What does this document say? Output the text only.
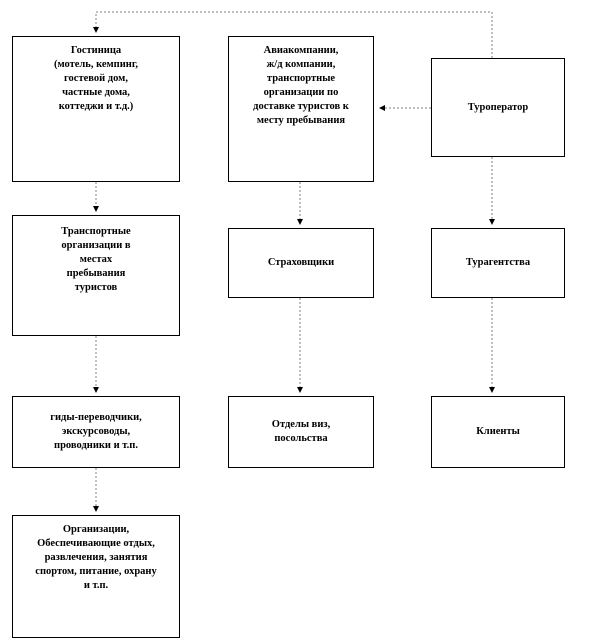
Гостиница
(мотель, кемпинг,
гостевой дом,
частные дома,
коттеджи и т.д.)
Авиакомпании,
ж/д компании,
транспортные
организации по
доставке туристов к
месту пребывания
Туроператор
Транспортные
организации в
местах
пребывания
туристов
Страховщики	Турагентства
гиды-переводчики,
экскурсоводы,
проводники и т.п.
Отделы виз,
посольства
Клиенты
Организации,
Обеспечивающие отдых,
развлечения, занятия
спортом, питание, охрану
и т.п.
